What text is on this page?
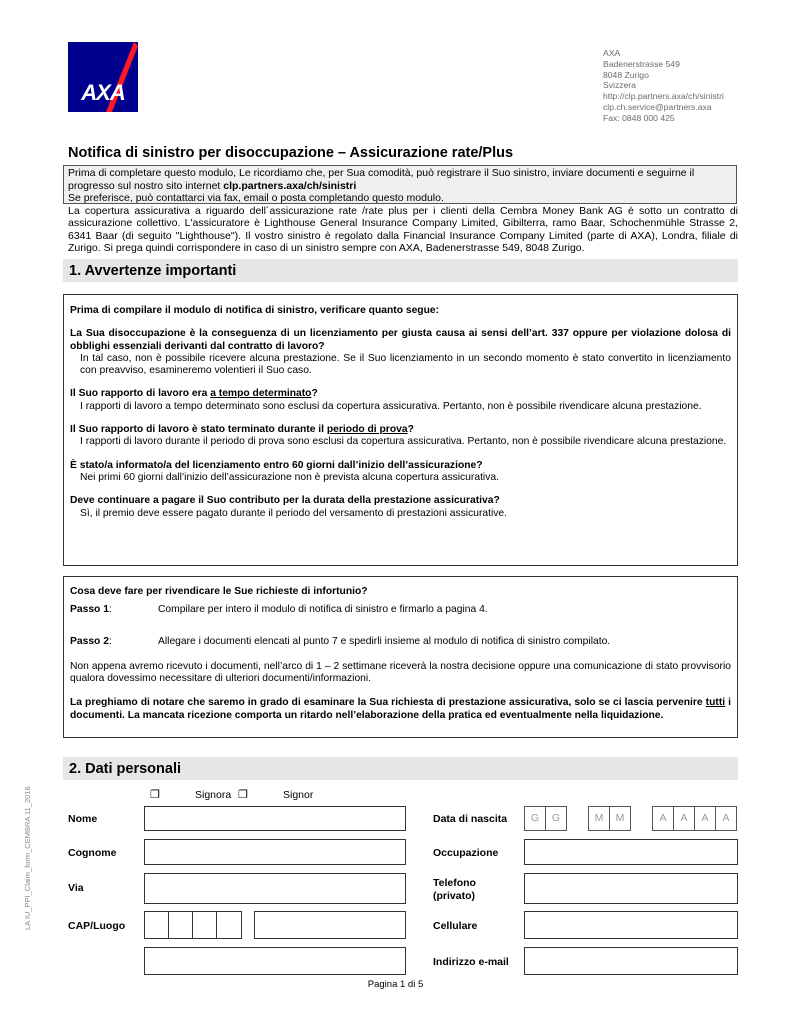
AXA
AXA
Badenerstrasse 549
8048 Zurigo
Svizzera
http://clp.partners.axa/ch/sinistri
clp.ch.service@partners.axa
Fax: 0848 000 425
Notifica di sinistro per disoccupazione – Assicurazione rate/Plus
Prima di completare questo modulo, Le ricordiamo che, per Sua comodità, può registrare il Suo sinistro, inviare documenti e seguirne il progresso sul nostro sito internet clp.partners.axa/ch/sinistri
Se preferisce, può contattarci via fax, email o posta completando questo modulo.
La copertura assicurativa a riguardo dell´assicurazione rate /rate plus per i clienti della Cembra Money Bank AG è sotto un contratto di assicurazione collettivo. L'assicuratore è Lighthouse General Insurance Company Limited, Gibilterra, ramo Baar, Schochenmühle Strasse 2, 6341 Baar (di seguito "Lighthouse"). Il vostro sinistro è regolato dalla Financial Insurance Company Limited (parte di AXA), Londra, filiale di Zurigo. Si prega quindi corrispondere in caso di un sinistro sempre con AXA, Badenerstrasse 549, 8048 Zurigo.
1. Avvertenze importanti

Prima di compilare il modulo di notifica di sinistro, verificare quanto segue:

La Sua disoccupazione è la conseguenza di un licenziamento per giusta causa ai sensi dell’art. 337 oppure per violazione dolosa di obblighi essenziali derivanti dal contratto di lavoro?

In tal caso, non è possibile ricevere alcuna prestazione. Se il Suo licenziamento in un secondo momento è stato convertito in licenziamento con preavviso, esamineremo volentieri il Suo caso.

Il Suo rapporto di lavoro era a tempo determinato?

I rapporti di lavoro a tempo determinato sono esclusi da copertura assicurativa. Pertanto, non è possibile rivendicare alcuna prestazione.

Il Suo rapporto di lavoro è stato terminato durante il periodo di prova?

I rapporti di lavoro durante il periodo di prova sono esclusi da copertura assicurativa. Pertanto, non è possibile rivendicare alcuna prestazione.

È stato/a informato/a del licenziamento entro 60 giorni dall’inizio dell’assicurazione?

Nei primi 60 giorni dall’inizio dell’assicurazione non è prevista alcuna copertura assicurativa.

Deve continuare a pagare il Suo contributo per la durata della prestazione assicurativa?

Sì, il premio deve essere pagato durante il periodo del versamento di prestazioni assicurative.

Cosa deve fare per rivendicare le Sue richieste di infortunio?

Passo 1:	Compilare per intero il modulo di notifica di sinistro e firmarlo a pagina 4.
Passo 2:	Allegare i documenti elencati al punto 7 e spedirli insieme al modulo di notifica di sinistro compilato.

Non appena avremo ricevuto i documenti, nell’arco di 1 – 2 settimane riceverà la nostra decisione oppure una comunicazione di stato provvisorio qualora dovessimo necessitare di ulteriori documenti/informazioni.

La preghiamo di notare che saremo in grado di esaminare la Sua richiesta di prestazione assicurativa, solo se ci lascia pervenire tutti i documenti. La mancata ricezione comporta un ritardo nell’elaborazione della pratica ed eventualmente nella liquidazione.

2. Dati personali
❐	Signora ❐	Signor
Nome
Cognome
Via
CAP/Luogo
Data di nascita	G	G	M	M	A	A	A	A
Occupazione
Telefono
(privato)
Cellulare
Indirizzo e-mail
Pagina 1 di 5
LA IU_PPI_Claim_form_CEMBRA 11_2016
